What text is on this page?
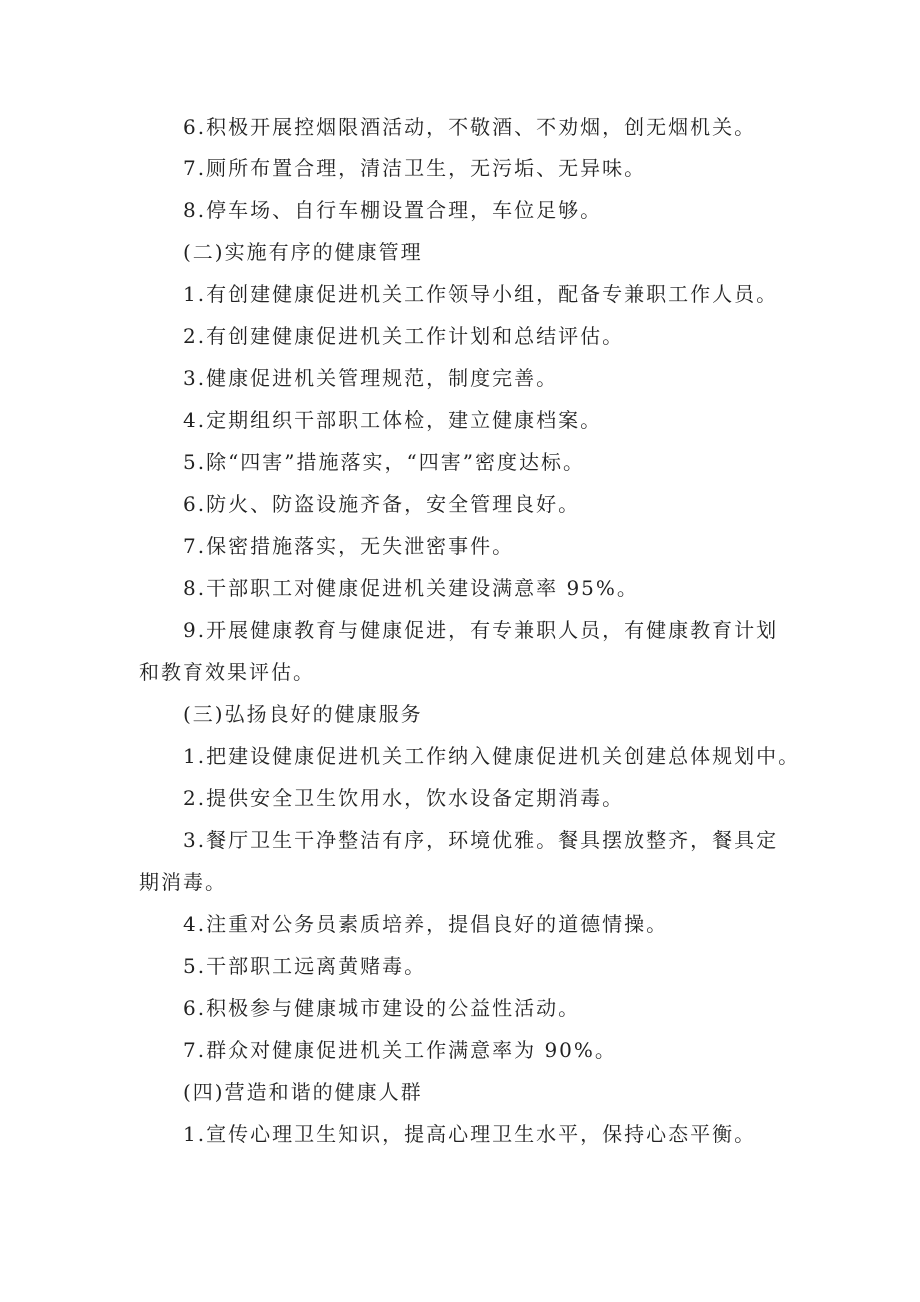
6.积极开展控烟限酒活动，不敬酒、不劝烟，创无烟机关。
7.厕所布置合理，清洁卫生，无污垢、无异味。
8.停车场、自行车棚设置合理，车位足够。
(二)实施有序的健康管理
1.有创建健康促进机关工作领导小组，配备专兼职工作人员。
2.有创建健康促进机关工作计划和总结评估。
3.健康促进机关管理规范，制度完善。
4.定期组织干部职工体检，建立健康档案。
5.除“四害”措施落实，“四害”密度达标。
6.防火、防盗设施齐备，安全管理良好。
7.保密措施落实，无失泄密事件。
8.干部职工对健康促进机关建设满意率 95%。
9.开展健康教育与健康促进，有专兼职人员，有健康教育计划
和教育效果评估。
(三)弘扬良好的健康服务
1.把建设健康促进机关工作纳入健康促进机关创建总体规划中。
2.提供安全卫生饮用水，饮水设备定期消毒。
3.餐厅卫生干净整洁有序，环境优雅。餐具摆放整齐，餐具定
期消毒。
4.注重对公务员素质培养，提倡良好的道德情操。
5.干部职工远离黄赌毒。
6.积极参与健康城市建设的公益性活动。
7.群众对健康促进机关工作满意率为 90%。
(四)营造和谐的健康人群
1.宣传心理卫生知识，提高心理卫生水平，保持心态平衡。
